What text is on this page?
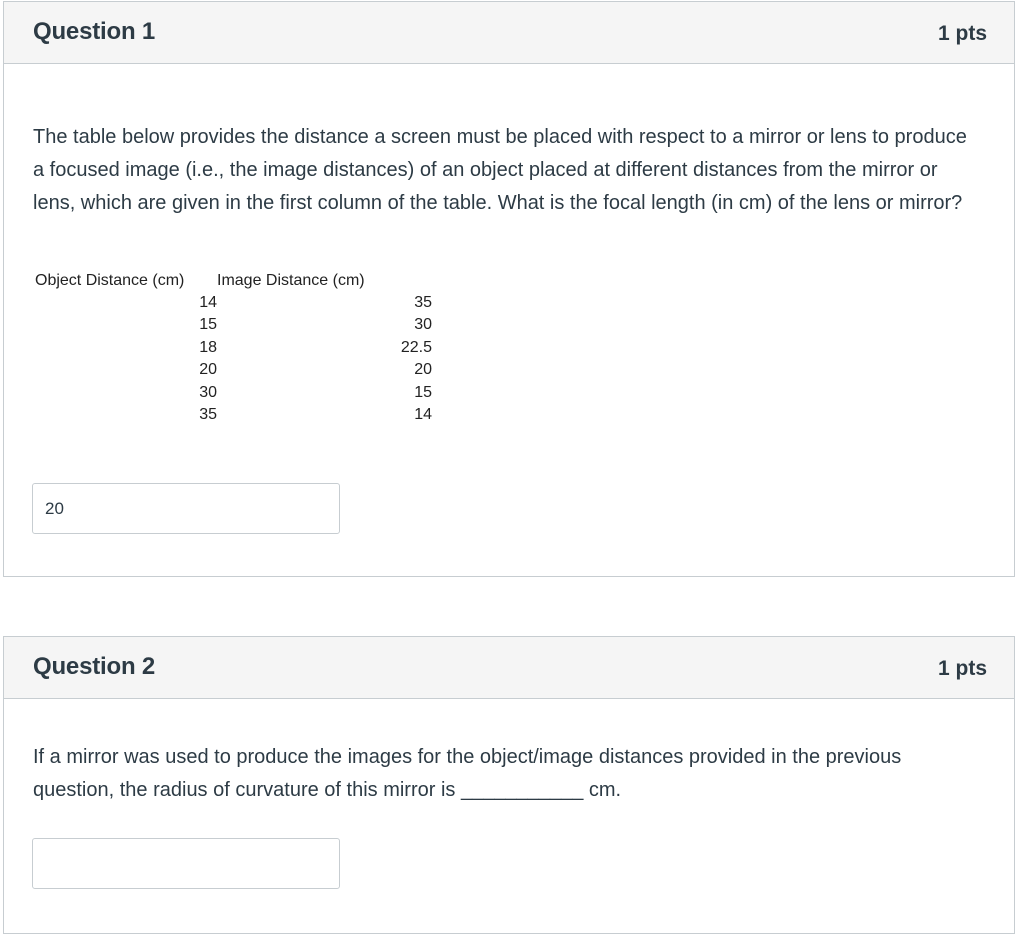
Question 1	1 pts
The table below provides the distance a screen must be placed with respect to a mirror or lens to produce a focused image (i.e., the image distances) of an object placed at different distances from the mirror or lens, which are given in the first column of the table. What is the focal length (in cm) of the lens or mirror?
Object Distance (cm)	Image Distance (cm)
14	35
15	30
18	22.5
20	20
30	15
35	14
20
Question 2	1 pts
If a mirror was used to produce the images for the object/image distances provided in the previous question, the radius of curvature of this mirror is ___________ cm.
